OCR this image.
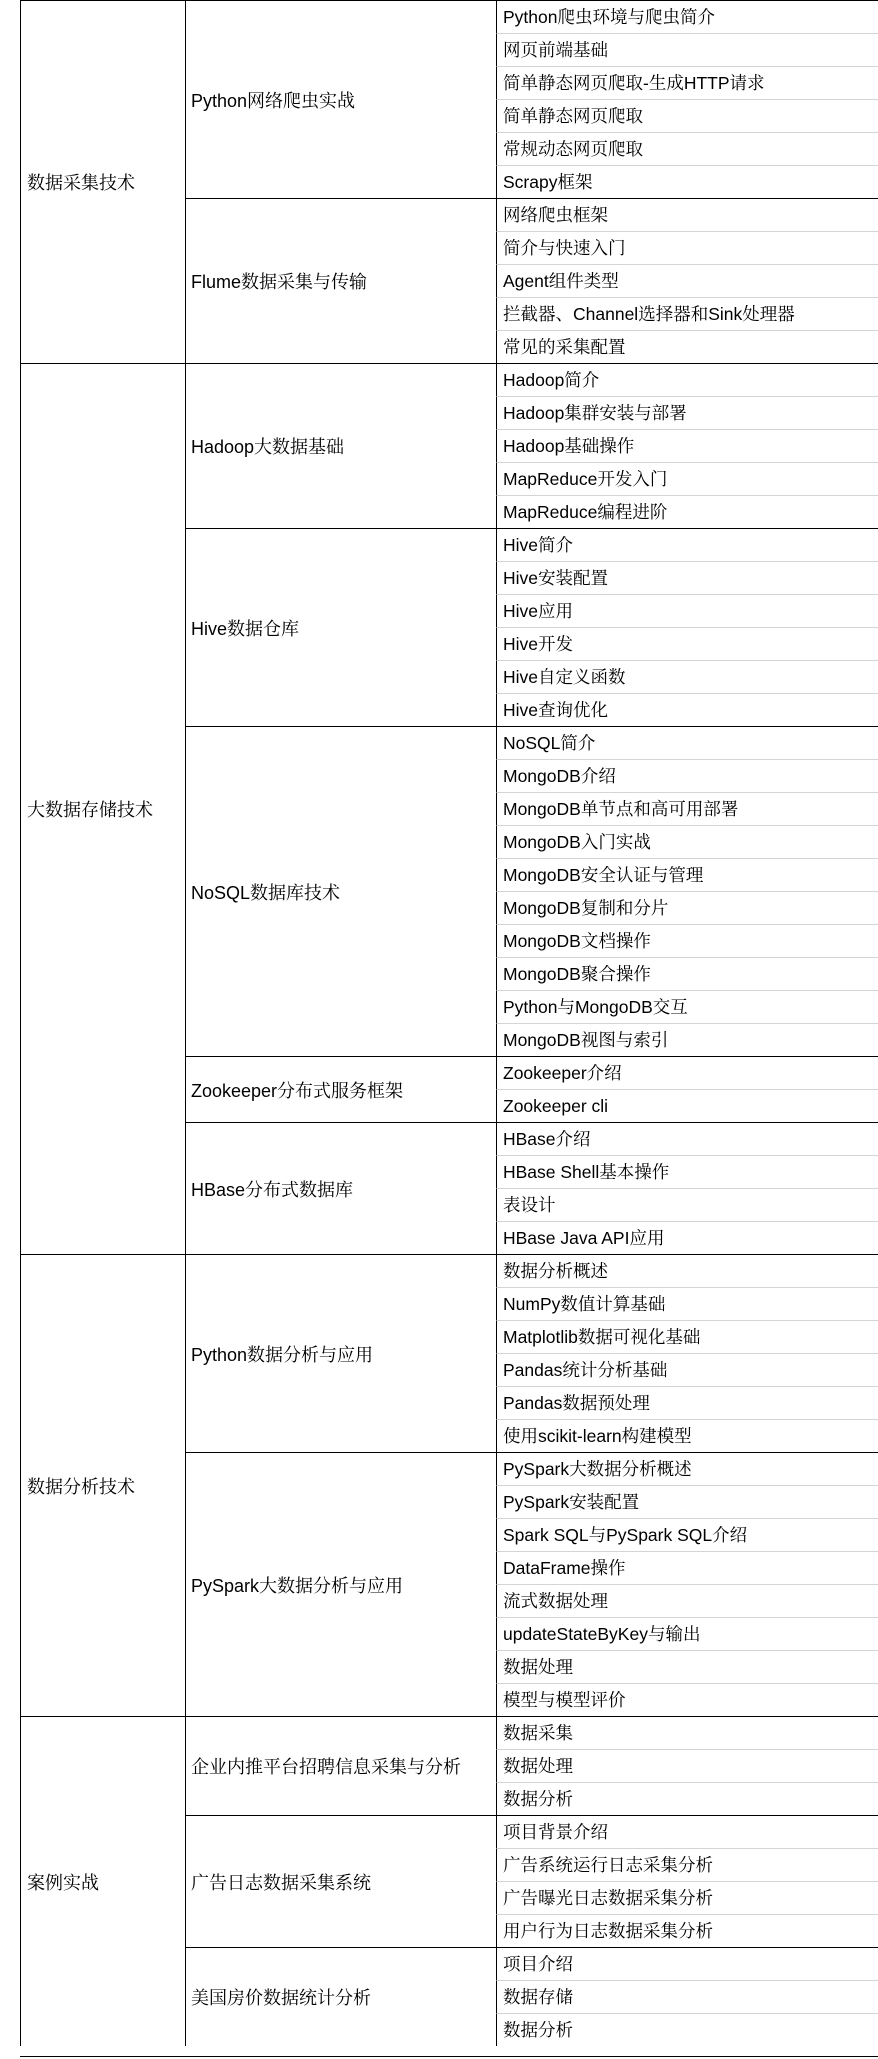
数据采集技术
Python网络爬虫实战
Python爬虫环境与爬虫简介
网页前端基础
简单静态网页爬取-生成HTTP请求
简单静态网页爬取
常规动态网页爬取
Scrapy框架
Flume数据采集与传输
网络爬虫框架
简介与快速入门
Agent组件类型
拦截器、Channel选择器和Sink处理器
常见的采集配置
大数据存储技术
Hadoop大数据基础
Hadoop简介
Hadoop集群安装与部署
Hadoop基础操作
MapReduce开发入门
MapReduce编程进阶
Hive数据仓库
Hive简介
Hive安装配置
Hive应用
Hive开发
Hive自定义函数
Hive查询优化
NoSQL数据库技术
NoSQL简介
MongoDB介绍
MongoDB单节点和高可用部署
MongoDB入门实战
MongoDB安全认证与管理
MongoDB复制和分片
MongoDB文档操作
MongoDB聚合操作
Python与MongoDB交互
MongoDB视图与索引
Zookeeper分布式服务框架
Zookeeper介绍
Zookeeper cli
HBase分布式数据库
HBase介绍
HBase Shell基本操作
表设计
HBase Java API应用
数据分析技术
Python数据分析与应用
数据分析概述
NumPy数值计算基础
Matplotlib数据可视化基础
Pandas统计分析基础
Pandas数据预处理
使用scikit-learn构建模型
PySpark大数据分析与应用
PySpark大数据分析概述
PySpark安装配置
Spark SQL与PySpark SQL介绍
DataFrame操作
流式数据处理
updateStateByKey与输出
数据处理
模型与模型评价
案例实战
企业内推平台招聘信息采集与分析
数据采集
数据处理
数据分析
广告日志数据采集系统
项目背景介绍
广告系统运行日志采集分析
广告曝光日志数据采集分析
用户行为日志数据采集分析
美国房价数据统计分析
项目介绍
数据存储
数据分析
